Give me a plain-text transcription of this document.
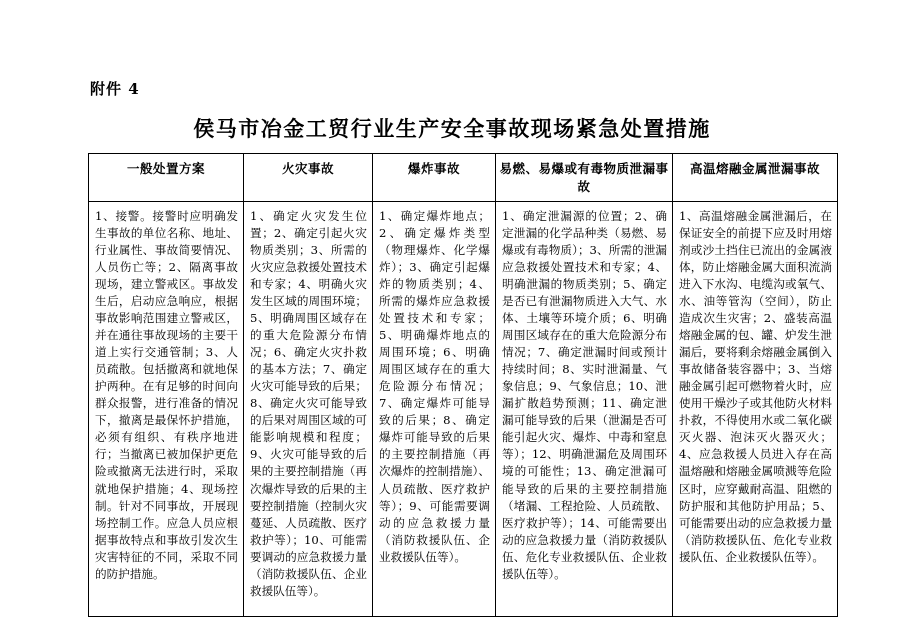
附件 4
侯马市冶金工贸行业生产安全事故现场紧急处置措施
一般处置方案	火灾事故	爆炸事故	易燃、易爆或有毒物质泄漏事故	高温熔融金属泄漏事故
1、接警。接警时应明确发生事故的单位名称、地址、行业属性、事故简要情况、人员伤亡等；2、隔离事故现场，建立警戒区。事故发生后，启动应急响应，根据事故影响范围建立警戒区，并在通往事故现场的主要干道上实行交通管制；3、人员疏散。包括撤离和就地保护两种。在有足够的时间向群众报警，进行准备的情况下，撤离是最保怀护措施，必须有组织、有秩序地进行；当撤离已被加保护更危险或撤离无法进行时，采取就地保护措施；4、现场控制。针对不同事故，开展现场控制工作。应急人员应根据事故特点和事故引发次生灾害特征的不同，采取不同的防护措施。	1、确定火灾发生位置；2、确定引起火灾物质类别；3、所需的火灾应急救援处置技术和专家；4、明确火灾发生区域的周围环境；5、明确周围区域存在的重大危险源分布情况；6、确定火灾扑救的基本方法；7、确定火灾可能导致的后果；8、确定火灾可能导致的后果对周围区域的可能影响规模和程度；9、火灾可能导致的后果的主要控制措施（再次爆炸导致的后果的主要控制措施（控制火灾蔓延、人员疏散、医疗救护等）；10、可能需要调动的应急救援力量（消防救援队伍、企业救援队伍等）。	1、确定爆炸地点；2、确定爆炸类型（物理爆炸、化学爆炸）；3、确定引起爆炸的物质类别；4、所需的爆炸应急救援处置技术和专家；5、明确爆炸地点的周围环境；6、明确周围区域存在的重大危险源分布情况；7、确定爆炸可能导致的后果；8、确定爆炸可能导致的后果的主要控制措施（再次爆炸的控制措施）、人员疏散、医疗救护等）；9、可能需要调动的应急救援力量（消防救援队伍、企业救援队伍等）。	1、确定泄漏源的位置；2、确定泄漏的化学品种类（易燃、易爆或有毒物质）；3、所需的泄漏应急救援处置技术和专家；4、明确泄漏的物质类别；5、确定是否已有泄漏物质进入大气、水体、土壤等环境介质；6、明确周围区域存在的重大危险源分布情况；7、确定泄漏时间或预计持续时间；8、实时泄漏量、气象信息；9、气象信息；10、泄漏扩散趋势预测；11、确定泄漏可能导致的后果（泄漏是否可能引起火灾、爆炸、中毒和窒息等）；12、明确泄漏危及周围环境的可能性；13、确定泄漏可能导致的后果的主要控制措施（堵漏、工程抢险、人员疏散、医疗救护等）；14、可能需要出动的应急救援力量（消防救援队伍、危化专业救援队伍、企业救援队伍等）。	1、高温熔融金属泄漏后，在保证安全的前提下应及时用熔剂或沙土挡住已流出的金属液体，防止熔融金属大面积流淌进入下水沟、电缆沟或氧气、水、油等管沟（空间），防止造成次生灾害；2、盛装高温熔融金属的包、罐、炉发生泄漏后，要将剩余熔融金属倒入事故储备装容器中；3、当熔融金属引起可燃物着火时，应使用干燥沙子或其他防火材料扑救，不得使用水或二氧化碳灭火器、泡沫灭火器灭火；4、应急救援人员进入存在高温熔融和熔融金属喷溅等危险区时，应穿戴耐高温、阻燃的防护服和其他防护用品；5、可能需要出动的应急救援力量（消防救援队伍、危化专业救援队伍、企业救援队伍等）。
